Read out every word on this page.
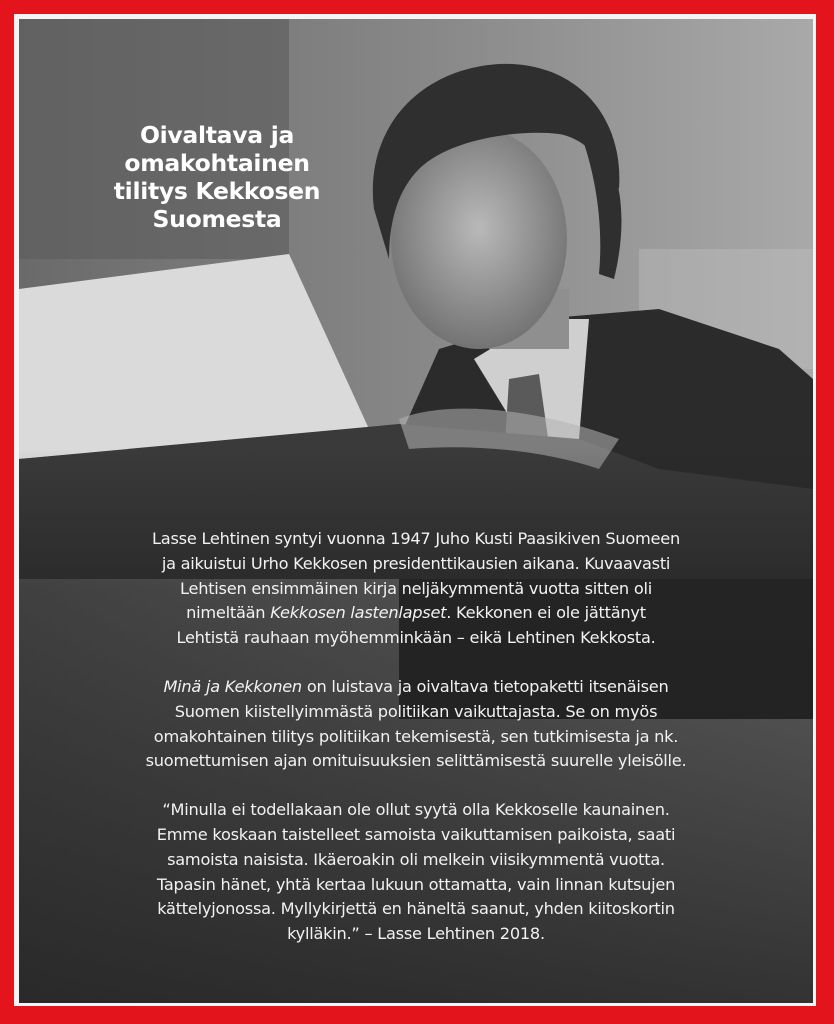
Oivaltava ja
omakohtainen
tilitys Kekkosen
Suomesta
Lasse Lehtinen syntyi vuonna 1947 Juho Kusti Paasikiven Suomeen
ja aikuistui Urho Kekkosen presidenttikausien aikana. Kuvaavasti
Lehtisen ensimmäinen kirja neljäkymmentä vuotta sitten oli
nimeltään Kekkosen lastenlapset. Kekkonen ei ole jättänyt
Lehtistä rauhaan myöhemminkään – eikä Lehtinen Kekkosta.
Minä ja Kekkonen on luistava ja oivaltava tietopaketti itsenäisen
Suomen kiistellyimmästä politiikan vaikuttajasta. Se on myös
omakohtainen tilitys politiikan tekemisestä, sen tutkimisesta ja nk.
suomettumisen ajan omituisuuksien selittämisestä suurelle yleisölle.
“Minulla ei todellakaan ole ollut syytä olla Kekkoselle kaunainen.
Emme koskaan taistelleet samoista vaikuttamisen paikoista, saati
samoista naisista. Ikäeroakin oli melkein viisikymmentä vuotta.
Tapasin hänet, yhtä kertaa lukuun ottamatta, vain linnan kutsujen
kättelyjonossa. Myllykirjettä en häneltä saanut, yhden kiitoskortin
kylläkin.” – Lasse Lehtinen 2018.
